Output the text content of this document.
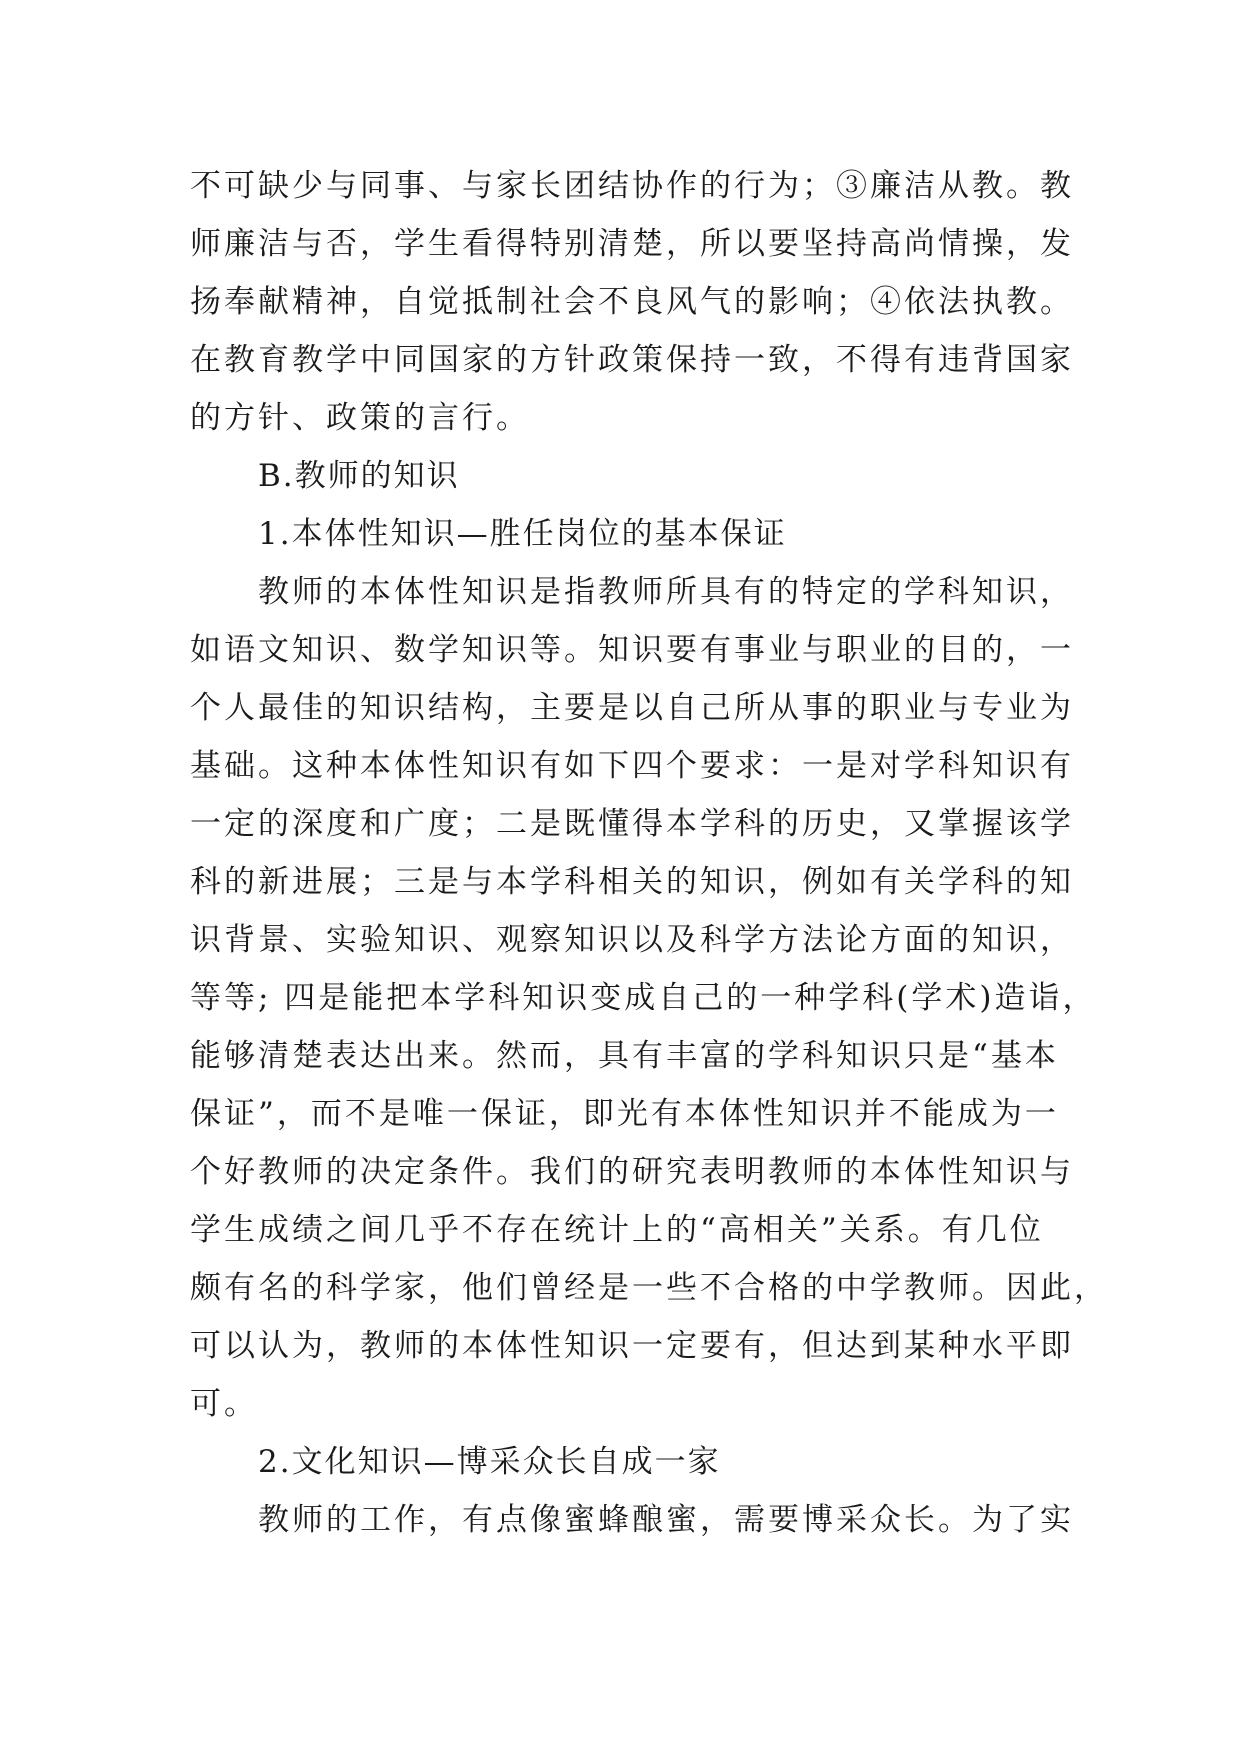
不可缺少与同事、与家长团结协作的行为；③廉洁从教。教
师廉洁与否，学生看得特别清楚，所以要坚持高尚情操，发
扬奉献精神，自觉抵制社会不良风气的影响；④依法执教。
在教育教学中同国家的方针政策保持一致，不得有违背国家
的方针、政策的言行。
B.教师的知识
1.本体性知识—胜任岗位的基本保证
教师的本体性知识是指教师所具有的特定的学科知识，
如语文知识、数学知识等。知识要有事业与职业的目的，一
个人最佳的知识结构，主要是以自己所从事的职业与专业为
基础。这种本体性知识有如下四个要求：一是对学科知识有
一定的深度和广度；二是既懂得本学科的历史，又掌握该学
科的新进展；三是与本学科相关的知识，例如有关学科的知
识背景、实验知识、观察知识以及科学方法论方面的知识，
等等; 四是能把本学科知识变成自己的一种学科(学术)造诣，
能够清楚表达出来。然而，具有丰富的学科知识只是“基本
保证”，而不是唯一保证，即光有本体性知识并不能成为一
个好教师的决定条件。我们的研究表明教师的本体性知识与
学生成绩之间几乎不存在统计上的“高相关”关系。有几位
颇有名的科学家，他们曾经是一些不合格的中学教师。因此，
可以认为，教师的本体性知识一定要有，但达到某种水平即
可。
2.文化知识—博采众长自成一家
教师的工作，有点像蜜蜂酿蜜，需要博采众长。为了实
